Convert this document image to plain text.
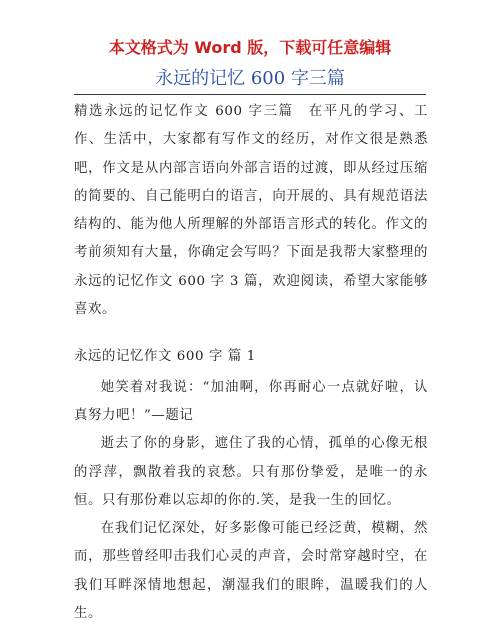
本文格式为 Word 版，下载可任意编辑
永远的记忆 600 字三篇

精选永远的记忆作文 600 字三篇　在平凡的学习、工作、生活中，大家都有写作文的经历，对作文很是熟悉吧，作文是从内部言语向外部言语的过渡，即从经过压缩的简要的、自己能明白的语言，向开展的、具有规范语法结构的、能为他人所理解的外部语言形式的转化。作文的考前须知有大量，你确定会写吗？下面是我帮大家整理的永远的记忆作文 600 字 3 篇，欢迎阅读，希望大家能够喜欢。

永远的记忆作文 600 字 篇 1

她笑着对我说：“加油啊，你再耐心一点就好啦，认真努力吧！”—题记

逝去了你的身影，遮住了我的心情，孤单的心像无根的浮萍，飘散着我的哀愁。只有那份挚爱，是唯一的永恒。只有那份难以忘却的你的.笑，是我一生的回忆。

在我们记忆深处，好多影像可能已经泛黄，模糊，然而，那些曾经叩击我们心灵的声音，会时常穿越时空，在我们耳畔深情地想起，潮湿我们的眼眸，温暖我们的人生。
